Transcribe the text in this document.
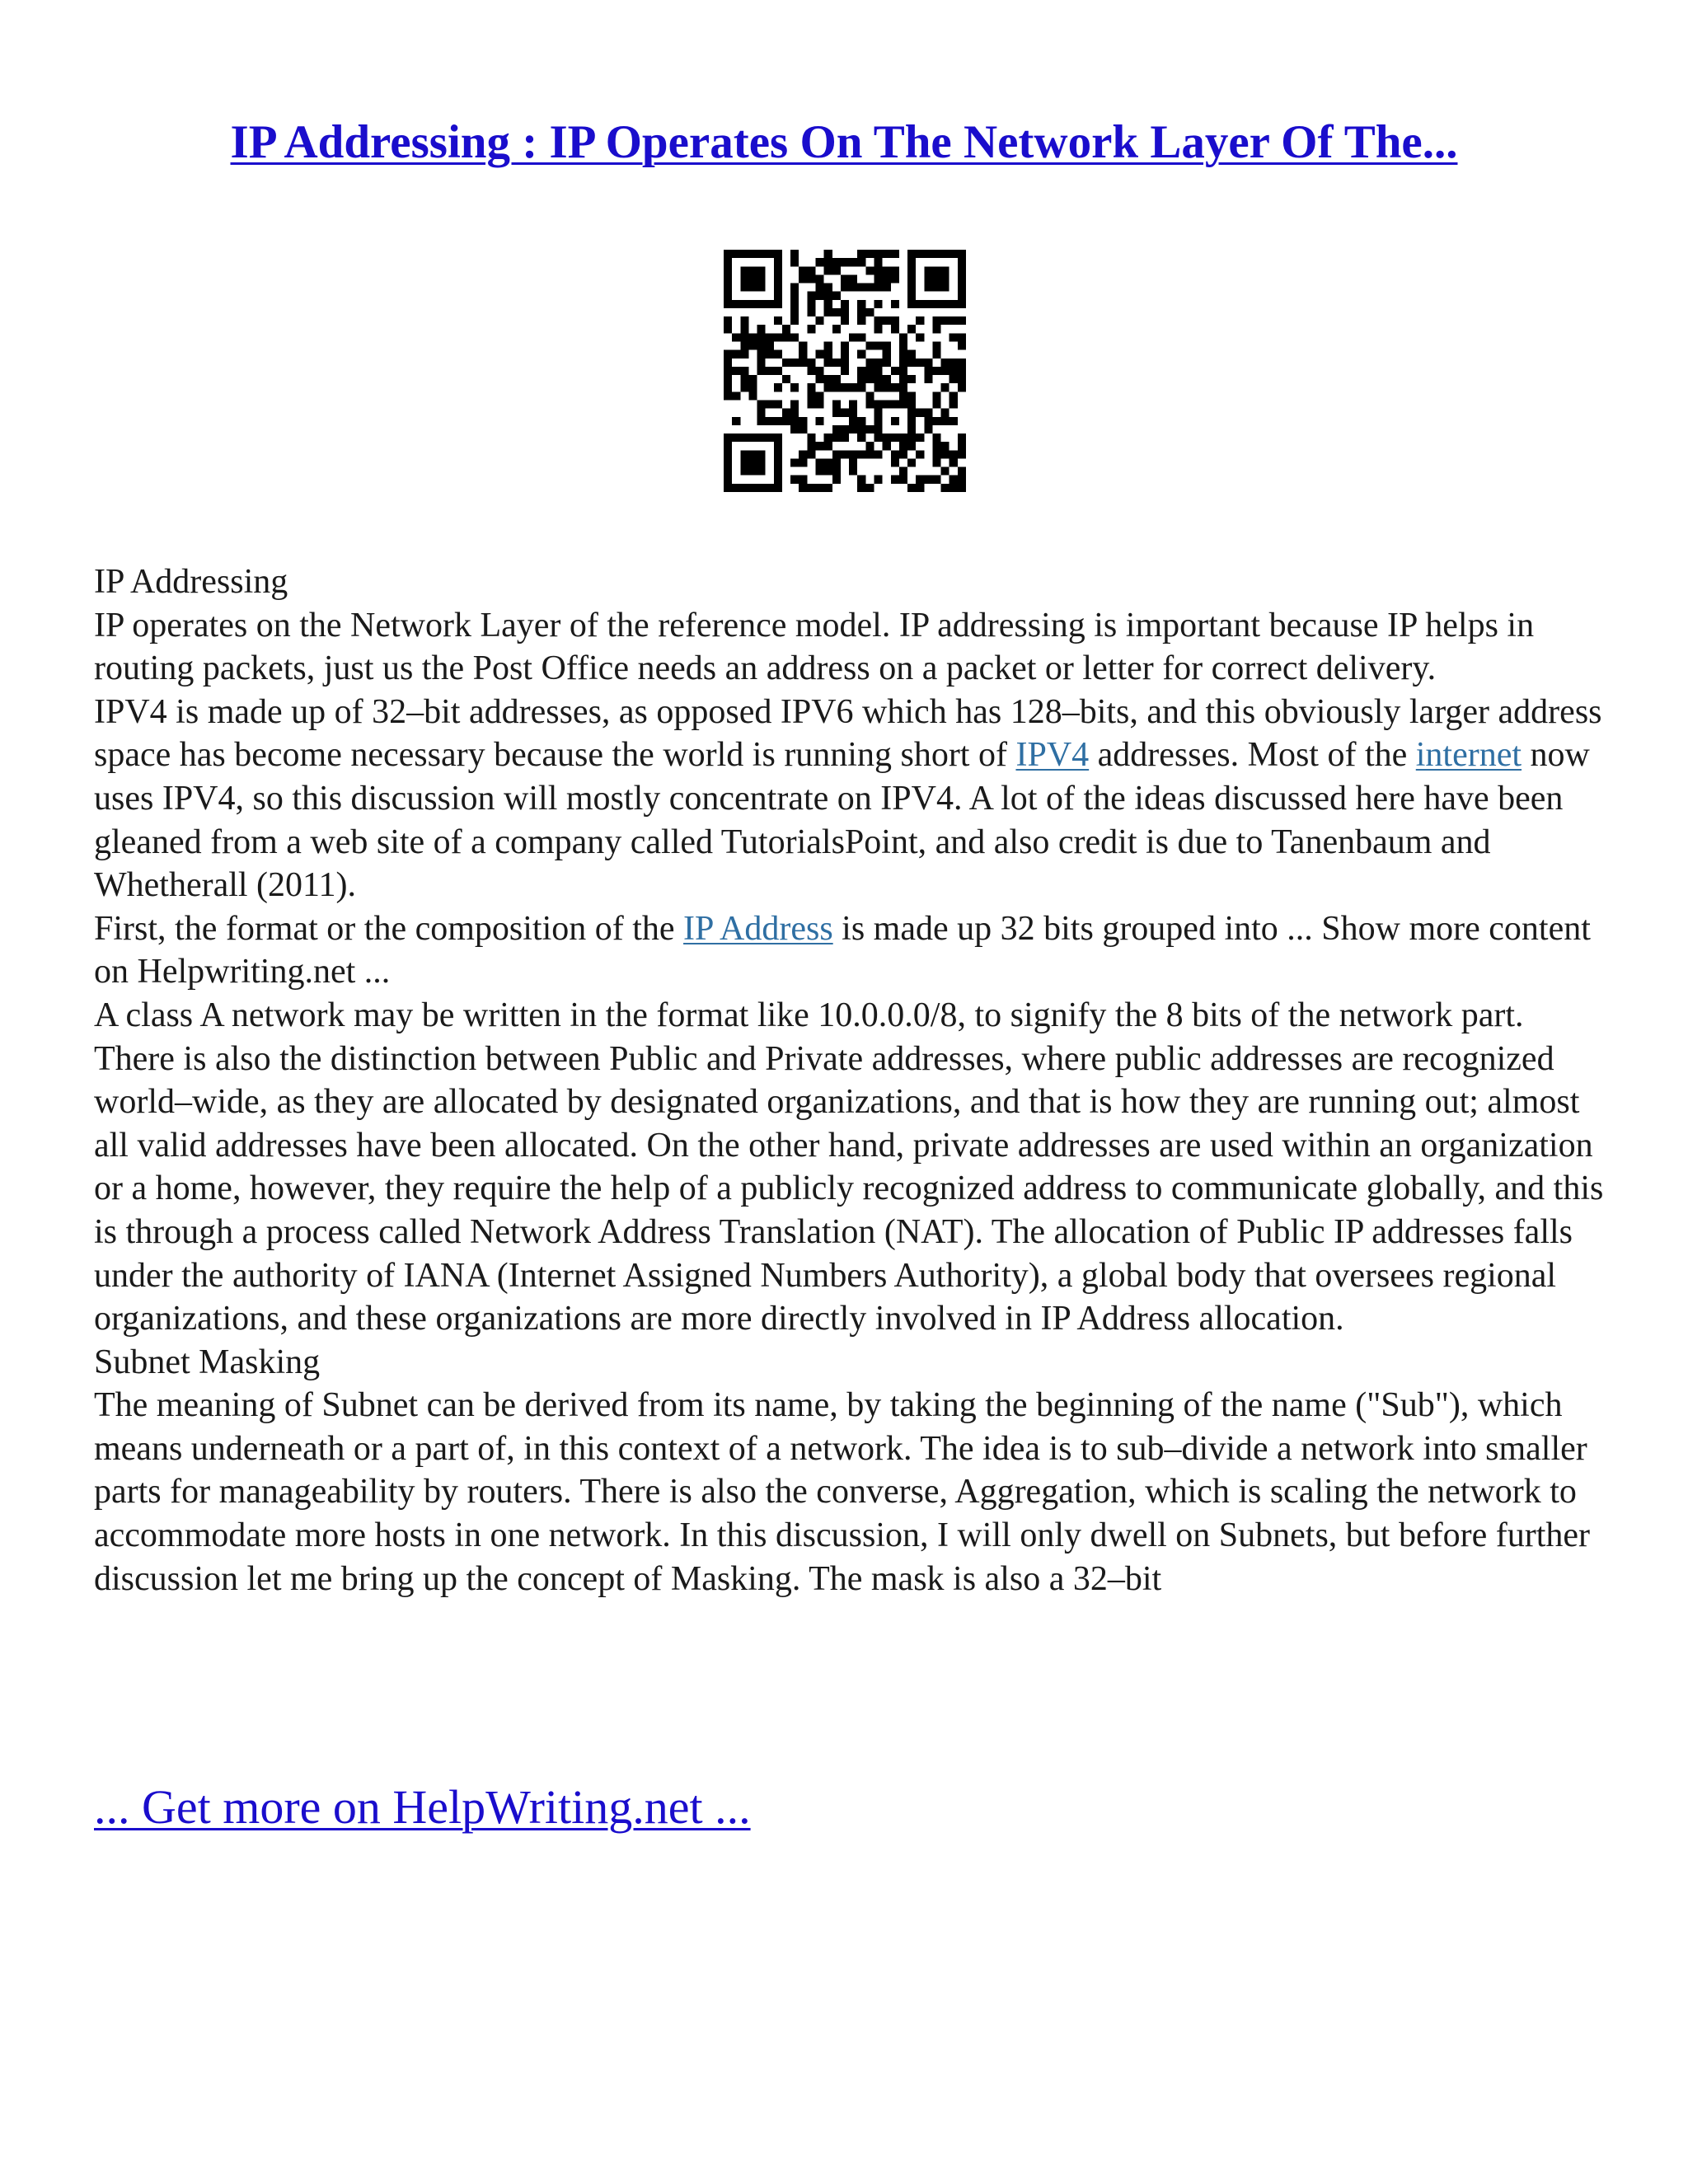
IP Addressing : IP Operates On The Network Layer Of The...

IP Addressing

IP operates on the Network Layer of the reference model. IP addressing is important because IP helps in routing packets, just us the Post Office needs an address on a packet or letter for correct delivery.

IPV4 is made up of 32–bit addresses, as opposed IPV6 which has 128–bits, and this obviously larger address space has become necessary because the world is running short of IPV4 addresses. Most of the internet now uses IPV4, so this discussion will mostly concentrate on IPV4. A lot of the ideas discussed here have been gleaned from a web site of a company called TutorialsPoint, and also credit is due to Tanenbaum and Whetherall (2011).

First, the format or the composition of the IP Address is made up 32 bits grouped into ... Show more content on Helpwriting.net ...

A class A network may be written in the format like 10.0.0.0/8, to signify the 8 bits of the network part. There is also the distinction between Public and Private addresses, where public addresses are recognized world–wide, as they are allocated by designated organizations, and that is how they are running out; almost all valid addresses have been allocated. On the other hand, private addresses are used within an organization or a home, however, they require the help of a publicly recognized address to communicate globally, and this is through a process called Network Address Translation (NAT). The allocation of Public IP addresses falls under the authority of IANA (Internet Assigned Numbers Authority), a global body that oversees regional organizations, and these organizations are more directly involved in IP Address allocation.

Subnet Masking

The meaning of Subnet can be derived from its name, by taking the beginning of the name ("Sub"), which means underneath or a part of, in this context of a network. The idea is to sub–divide a network into smaller parts for manageability by routers. There is also the converse, Aggregation, which is scaling the network to accommodate more hosts in one network. In this discussion, I will only dwell on Subnets, but before further discussion let me bring up the concept of Masking. The mask is also a 32–bit

... Get more on HelpWriting.net ...
